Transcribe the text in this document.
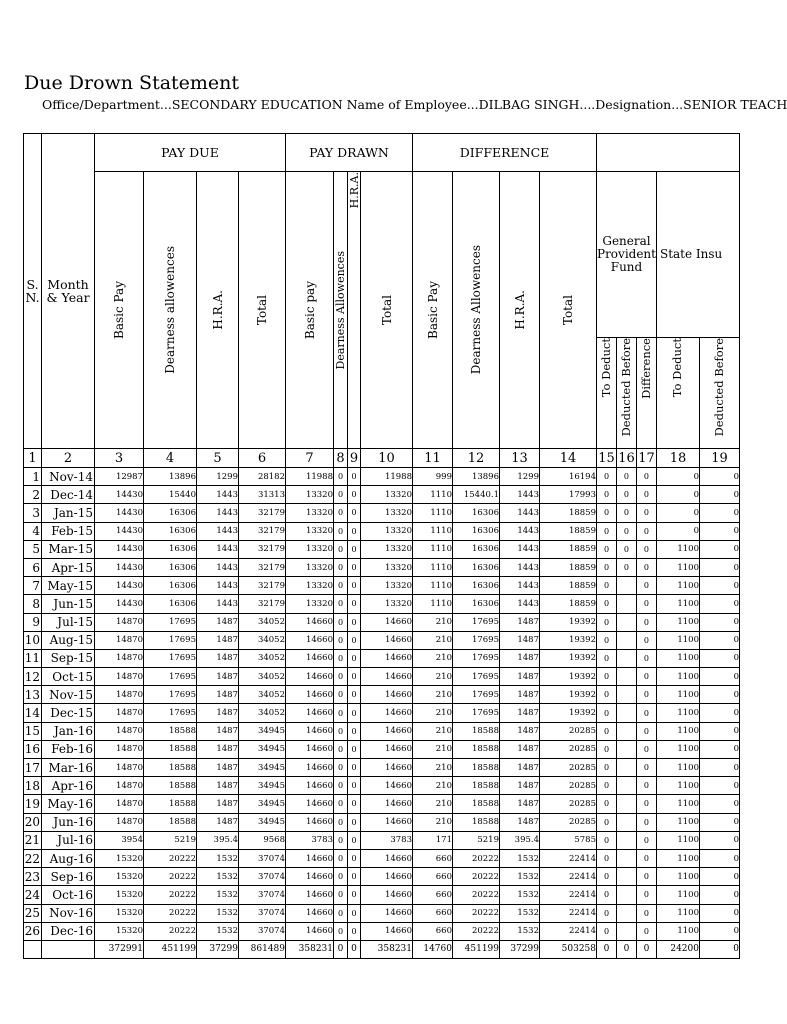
Due Drown Statement
Office/Department...SECONDARY EDUCATION Name of Employee...DILBAG SINGH....Designation...SENIOR TEACH
S. N.	Month & Year	PAY DUE				PAY DRAWN				DIFFERENCE								

		Basic Pay	Dearness allowences	H.R.A.	Total	Basic pay	Dearness Allowences	H.R.A.	Total	Basic Pay	Dearness Allowences	H.R.A.	Total	General Provident Fund			State Insu	

														To Deduct	Deducted Before	Difference	To Deduct	Deducted Before

1	2	3	4	5	6	7	8	9	10	11	12	13	14	15	16	17	18	19
1	Nov-14	12987	13896	1299	28182	11988	0	0	11988	999	13896	1299	16194	0	0	0	0	0
2	Dec-14	14430	15440	1443	31313	13320	0	0	13320	1110	15440.1	1443	17993	0	0	0	0	0
3	Jan-15	14430	16306	1443	32179	13320	0	0	13320	1110	16306	1443	18859	0	0	0	0	0
4	Feb-15	14430	16306	1443	32179	13320	0	0	13320	1110	16306	1443	18859	0	0	0	0	0
5	Mar-15	14430	16306	1443	32179	13320	0	0	13320	1110	16306	1443	18859	0	0	0	1100	0
6	Apr-15	14430	16306	1443	32179	13320	0	0	13320	1110	16306	1443	18859	0	0	0	1100	0
7	May-15	14430	16306	1443	32179	13320	0	0	13320	1110	16306	1443	18859	0		0	1100	0
8	Jun-15	14430	16306	1443	32179	13320	0	0	13320	1110	16306	1443	18859	0		0	1100	0
9	Jul-15	14870	17695	1487	34052	14660	0	0	14660	210	17695	1487	19392	0		0	1100	0
10	Aug-15	14870	17695	1487	34052	14660	0	0	14660	210	17695	1487	19392	0		0	1100	0
11	Sep-15	14870	17695	1487	34052	14660	0	0	14660	210	17695	1487	19392	0		0	1100	0
12	Oct-15	14870	17695	1487	34052	14660	0	0	14660	210	17695	1487	19392	0		0	1100	0
13	Nov-15	14870	17695	1487	34052	14660	0	0	14660	210	17695	1487	19392	0		0	1100	0
14	Dec-15	14870	17695	1487	34052	14660	0	0	14660	210	17695	1487	19392	0		0	1100	0
15	Jan-16	14870	18588	1487	34945	14660	0	0	14660	210	18588	1487	20285	0		0	1100	0
16	Feb-16	14870	18588	1487	34945	14660	0	0	14660	210	18588	1487	20285	0		0	1100	0
17	Mar-16	14870	18588	1487	34945	14660	0	0	14660	210	18588	1487	20285	0		0	1100	0
18	Apr-16	14870	18588	1487	34945	14660	0	0	14660	210	18588	1487	20285	0		0	1100	0
19	May-16	14870	18588	1487	34945	14660	0	0	14660	210	18588	1487	20285	0		0	1100	0
20	Jun-16	14870	18588	1487	34945	14660	0	0	14660	210	18588	1487	20285	0		0	1100	0
21	Jul-16	3954	5219	395.4	9568	3783	0	0	3783	171	5219	395.4	5785	0		0	1100	0
22	Aug-16	15320	20222	1532	37074	14660	0	0	14660	660	20222	1532	22414	0		0	1100	0
23	Sep-16	15320	20222	1532	37074	14660	0	0	14660	660	20222	1532	22414	0		0	1100	0
24	Oct-16	15320	20222	1532	37074	14660	0	0	14660	660	20222	1532	22414	0		0	1100	0
25	Nov-16	15320	20222	1532	37074	14660	0	0	14660	660	20222	1532	22414	0		0	1100	0
26	Dec-16	15320	20222	1532	37074	14660	0	0	14660	660	20222	1532	22414	0		0	1100	0
		372991	451199	37299	861489	358231	0	0	358231	14760	451199	37299	503258	0	0	0	24200	0
